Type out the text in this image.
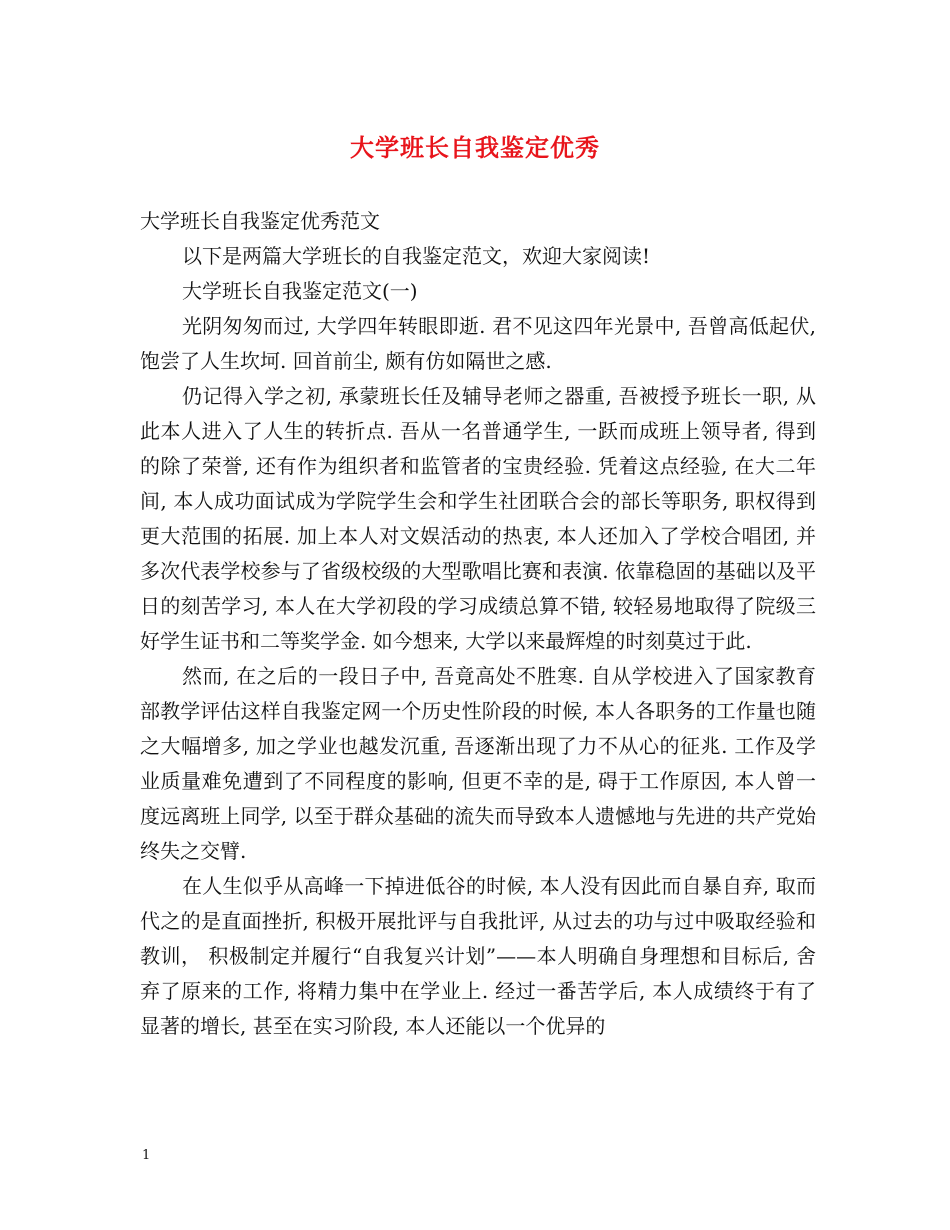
大学班长自我鉴定优秀

大学班长自我鉴定优秀范文

以下是两篇大学班长的自我鉴定范文，欢迎大家阅读!

大学班长自我鉴定范文(一)

光阴匆匆而过, 大学四年转眼即逝. 君不见这四年光景中, 吾曾高低起伏, 饱尝了人生坎坷. 回首前尘, 颇有仿如隔世之感.

仍记得入学之初, 承蒙班长任及辅导老师之器重, 吾被授予班长一职, 从此本人进入了人生的转折点. 吾从一名普通学生, 一跃而成班上领导者, 得到的除了荣誉, 还有作为组织者和监管者的宝贵经验. 凭着这点经验, 在大二年间, 本人成功面试成为学院学生会和学生社团联合会的部长等职务, 职权得到更大范围的拓展. 加上本人对文娱活动的热衷, 本人还加入了学校合唱团, 并多次代表学校参与了省级校级的大型歌唱比赛和表演. 依靠稳固的基础以及平日的刻苦学习, 本人在大学初段的学习成绩总算不错, 较轻易地取得了院级三好学生证书和二等奖学金. 如今想来, 大学以来最辉煌的时刻莫过于此.

然而, 在之后的一段日子中, 吾竟高处不胜寒. 自从学校进入了国家教育部教学评估这样自我鉴定网一个历史性阶段的时候, 本人各职务的工作量也随之大幅增多, 加之学业也越发沉重, 吾逐渐出现了力不从心的征兆. 工作及学业质量难免遭到了不同程度的影响, 但更不幸的是, 碍于工作原因, 本人曾一度远离班上同学, 以至于群众基础的流失而导致本人遗憾地与先进的共产党始终失之交臂.

在人生似乎从高峰一下掉进低谷的时候, 本人没有因此而自暴自弃, 取而代之的是直面挫折, 积极开展批评与自我批评, 从过去的功与过中吸取经验和教训， 积极制定并履行“自我复兴计划”——本人明确自身理想和目标后, 舍弃了原来的工作, 将精力集中在学业上. 经过一番苦学后, 本人成绩终于有了显著的增长, 甚至在实习阶段, 本人还能以一个优异的

1
